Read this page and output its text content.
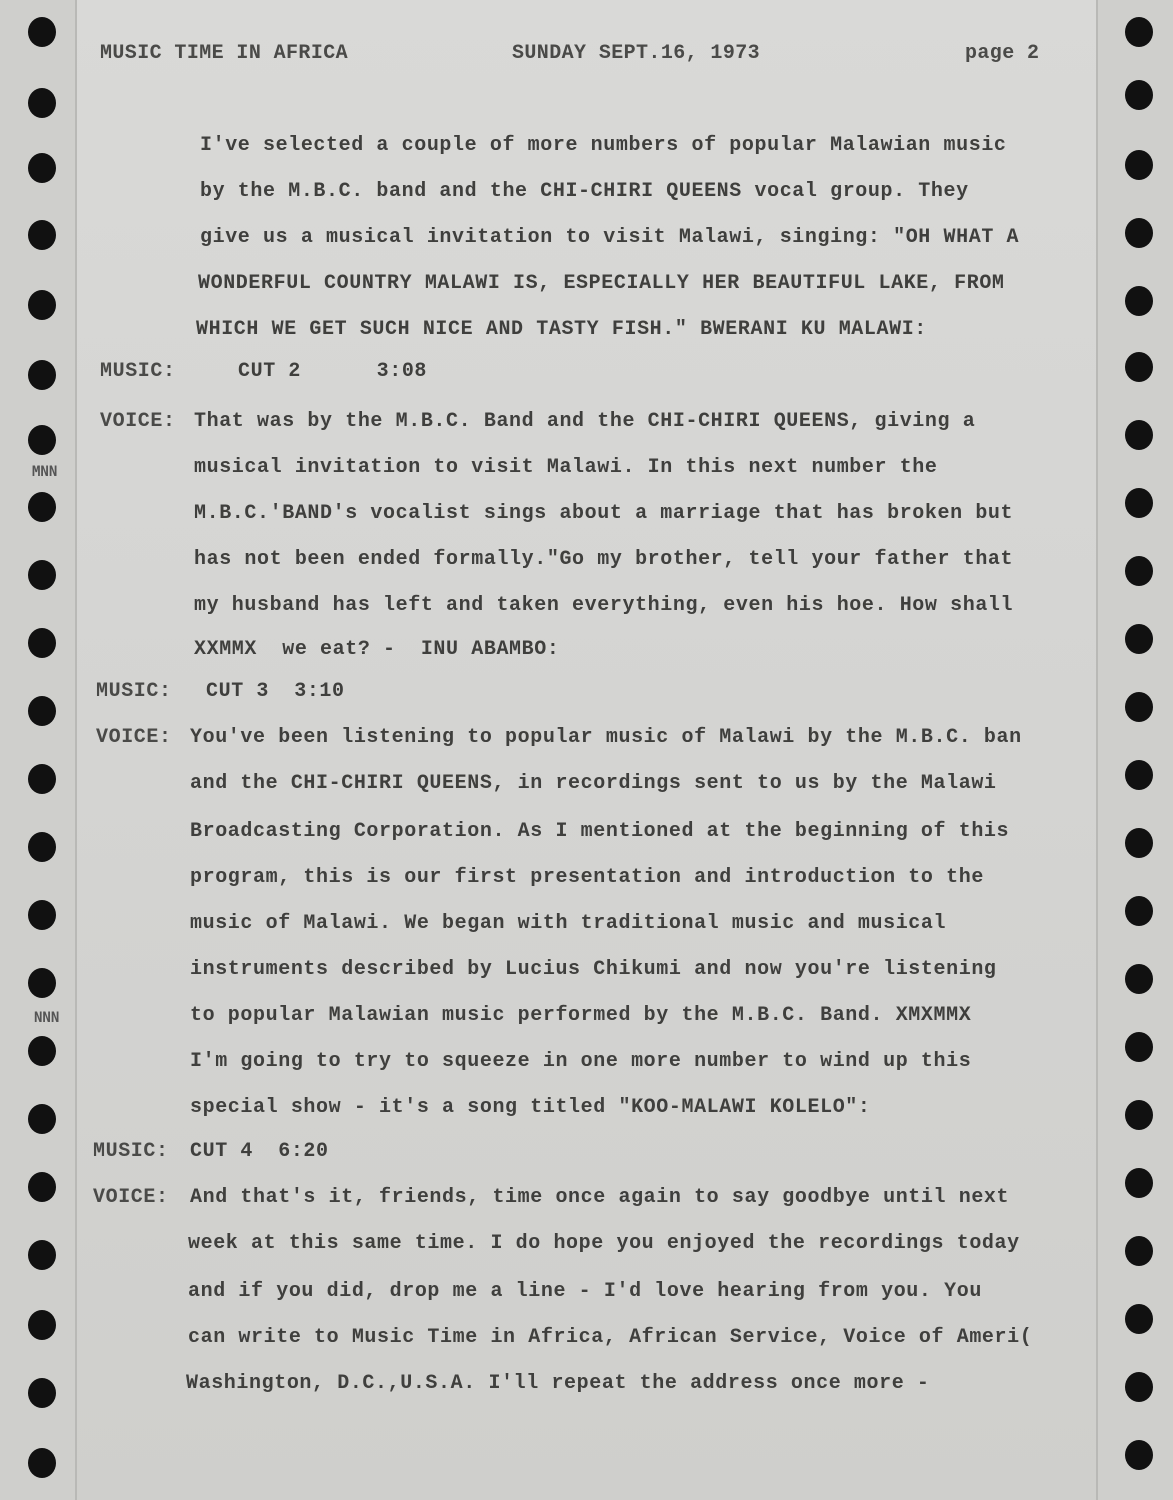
MUSIC TIME IN AFRICA	SUNDAY SEPT.16, 1973	page 2
MNN
NNN
MUSIC:
VOICE:
MUSIC:
VOICE:
MUSIC:
VOICE:
I've selected a couple of more numbers of popular Malawian music
by the M.B.C. band and the CHI-CHIRI QUEENS vocal group. They
give us a musical invitation to visit Malawi, singing: "OH WHAT A
WONDERFUL COUNTRY MALAWI IS, ESPECIALLY HER BEAUTIFUL LAKE, FROM
WHICH WE GET SUCH NICE AND TASTY FISH." BWERANI KU MALAWI:
CUT 2      3:08
That was by the M.B.C. Band and the CHI-CHIRI QUEENS, giving a
musical invitation to visit Malawi. In this next number the
M.B.C.'BAND's vocalist sings about a marriage that has broken but
has not been ended formally."Go my brother, tell your father that
my husband has left and taken everything, even his hoe. How shall
XXMMX  we eat? -  INU ABAMBO:
CUT 3  3:10
You've been listening to popular music of Malawi by the M.B.C. ban
and the CHI-CHIRI QUEENS, in recordings sent to us by the Malawi
Broadcasting Corporation. As I mentioned at the beginning of this
program, this is our first presentation and introduction to the
music of Malawi. We began with traditional music and musical
instruments described by Lucius Chikumi and now you're listening
to popular Malawian music performed by the M.B.C. Band. XMXMMX
I'm going to try to squeeze in one more number to wind up this
special show - it's a song titled "KOO-MALAWI KOLELO":
CUT 4  6:20
And that's it, friends, time once again to say goodbye until next
week at this same time. I do hope you enjoyed the recordings today
and if you did, drop me a line - I'd love hearing from you. You
can write to Music Time in Africa, African Service, Voice of Ameri(
Washington, D.C.,U.S.A. I'll repeat the address once more -
